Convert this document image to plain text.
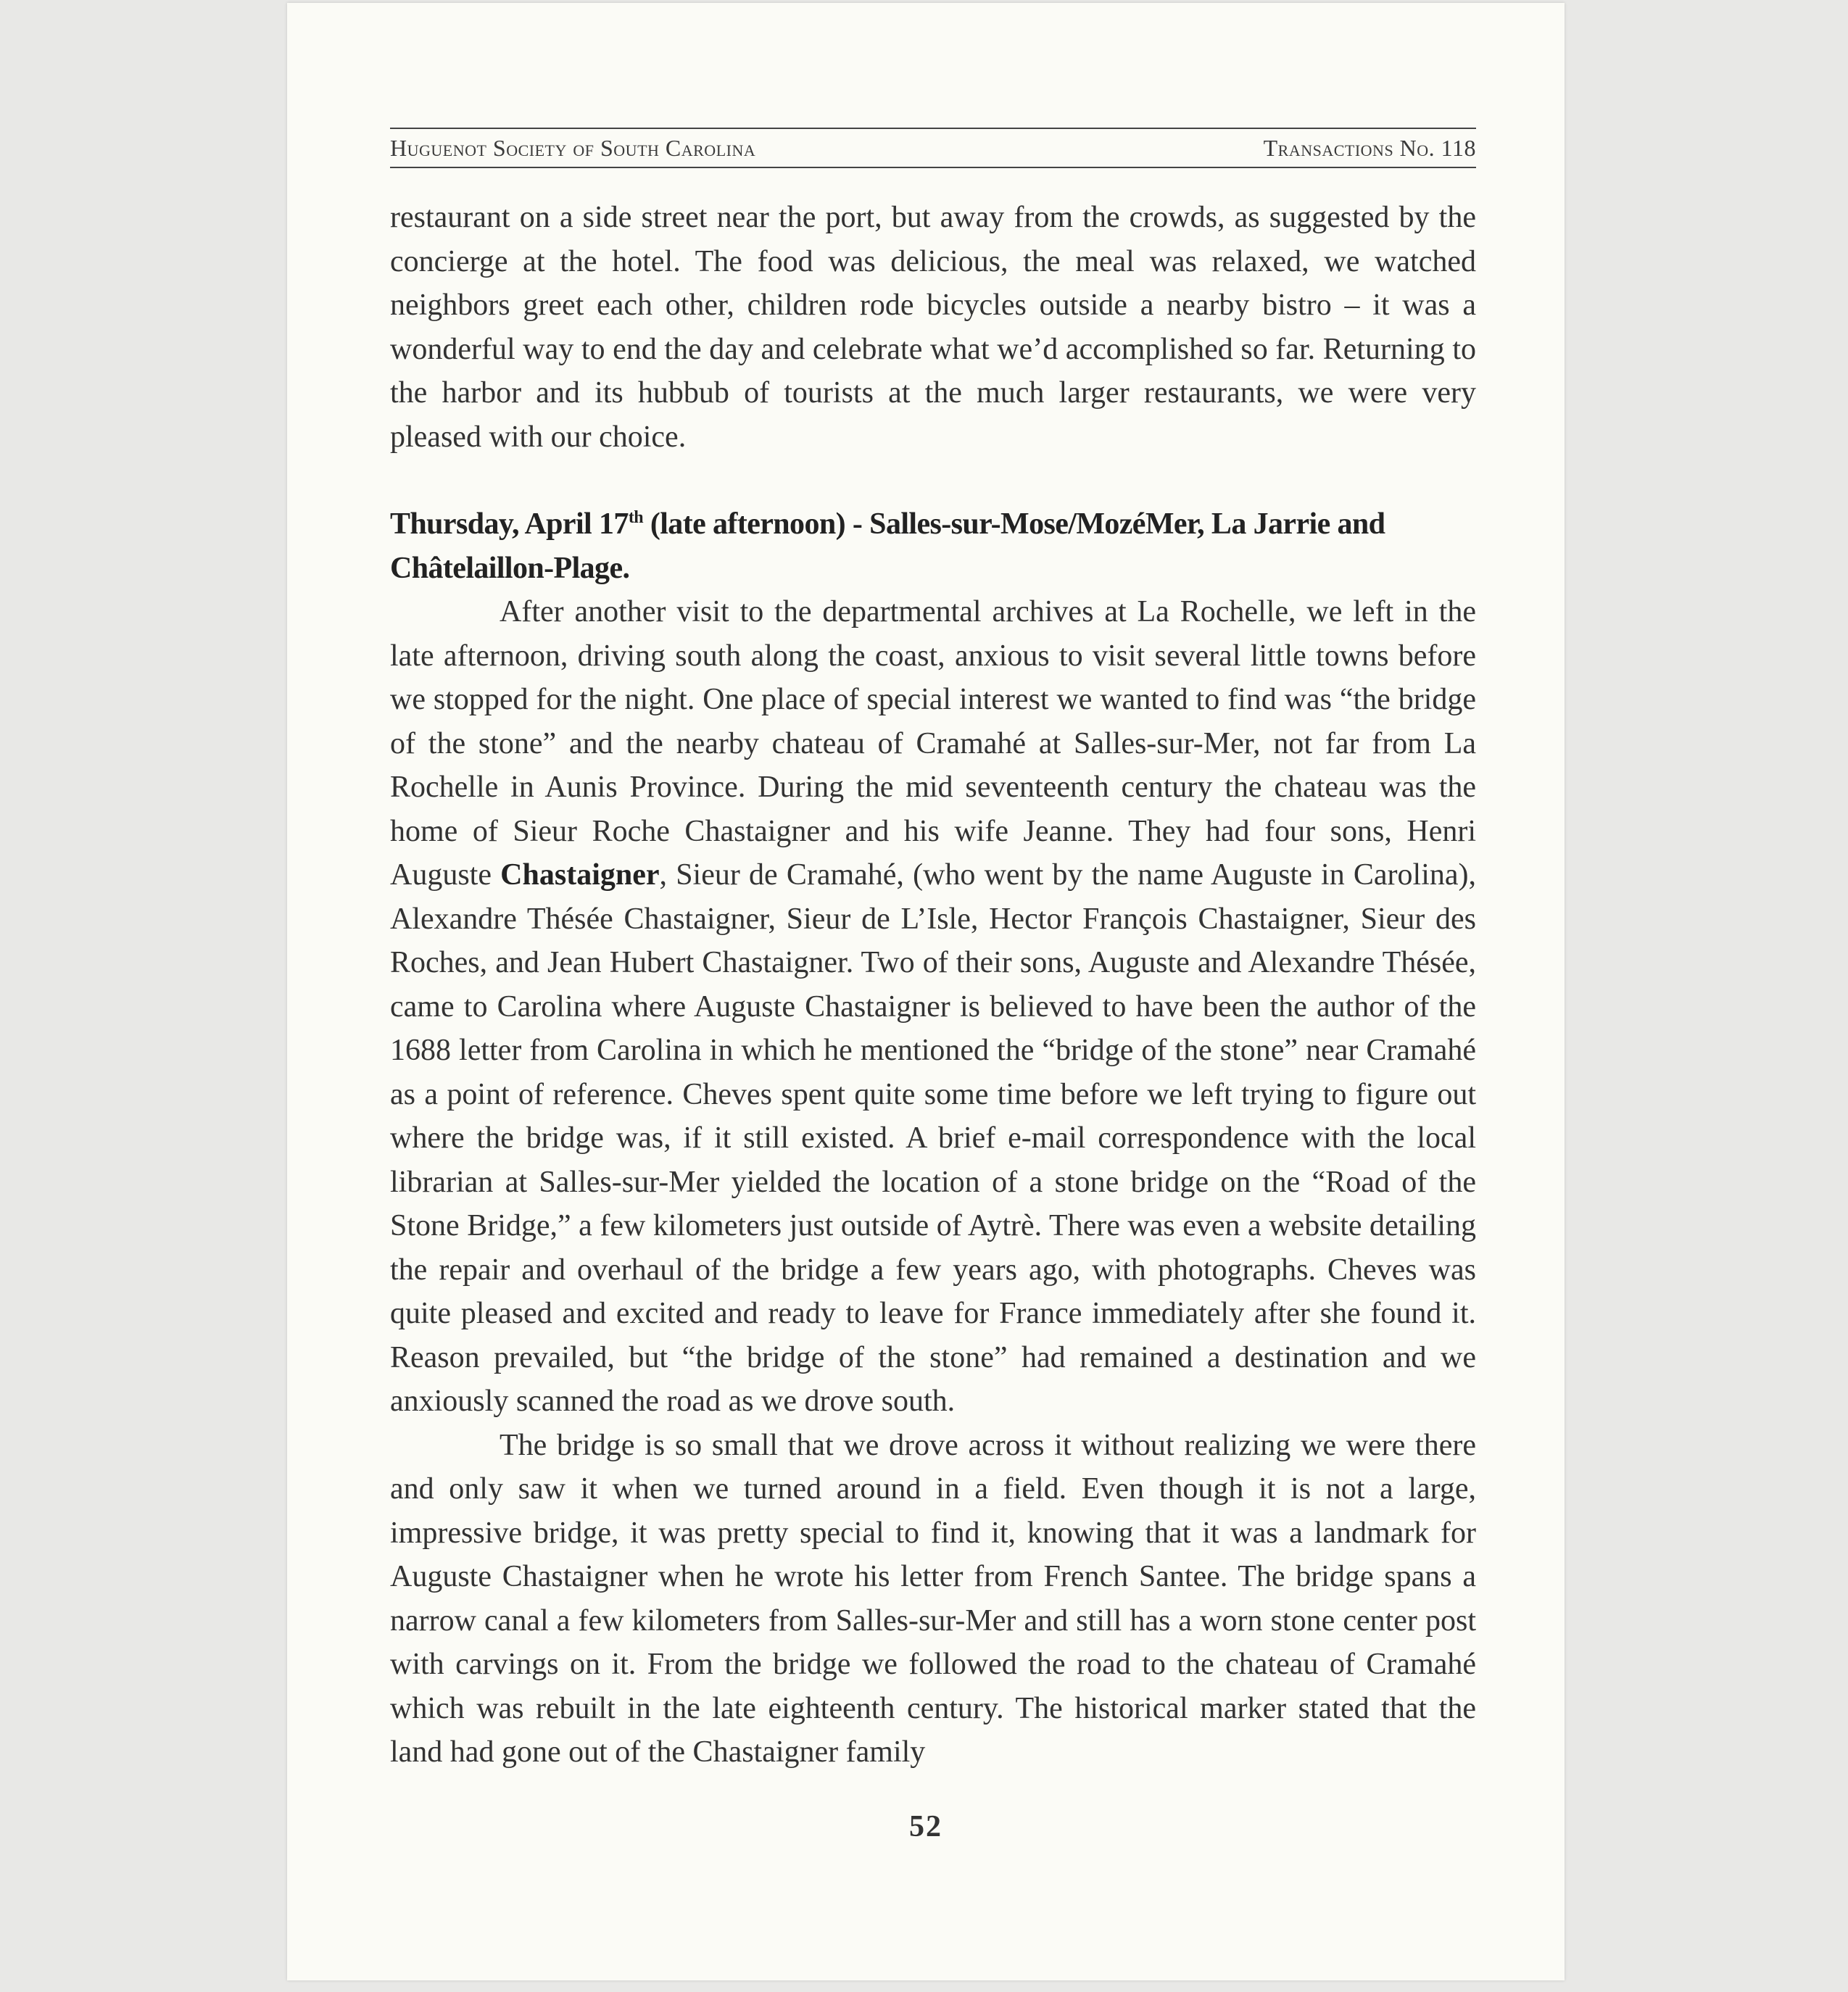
Huguenot Society of South Carolina	Transactions No. 118

restaurant on a side street near the port, but away from the crowds, as suggested by the concierge at the hotel. The food was delicious, the meal was relaxed, we watched neighbors greet each other, children rode bicycles outside a nearby bistro – it was a wonderful way to end the day and celebrate what we’d accomplished so far. Returning to the harbor and its hubbub of tourists at the much larger restaurants, we were very pleased with our choice.

Thursday, April 17th (late afternoon) - Salles-sur-Mose/MozéMer, La Jarrie and Châtelaillon-Plage.

After another visit to the departmental archives at La Rochelle, we left in the late afternoon, driving south along the coast, anxious to visit several little towns before we stopped for the night. One place of special interest we wanted to find was “the bridge of the stone” and the nearby chateau of Cramahé at Salles-sur-Mer, not far from La Rochelle in Aunis Province. During the mid seventeenth century the chateau was the home of Sieur Roche Chastaigner and his wife Jeanne. They had four sons, Henri Auguste Chastaigner, Sieur de Cramahé, (who went by the name Auguste in Carolina), Alexandre Thésée Chastaigner, Sieur de L’Isle, Hector François Chastaigner, Sieur des Roches, and Jean Hubert Chastaigner. Two of their sons, Auguste and Alexandre Thésée, came to Carolina where Auguste Chastaigner is believed to have been the author of the 1688 letter from Carolina in which he mentioned the “bridge of the stone” near Cramahé as a point of reference. Cheves spent quite some time before we left trying to figure out where the bridge was, if it still existed. A brief e-mail correspondence with the local librarian at Salles-sur-Mer yielded the location of a stone bridge on the “Road of the Stone Bridge,” a few kilometers just outside of Aytrè. There was even a website detailing the repair and overhaul of the bridge a few years ago, with photographs. Cheves was quite pleased and excited and ready to leave for France immediately after she found it. Reason prevailed, but “the bridge of the stone” had remained a destination and we anxiously scanned the road as we drove south.

The bridge is so small that we drove across it without realizing we were there and only saw it when we turned around in a field. Even though it is not a large, impressive bridge, it was pretty special to find it, knowing that it was a landmark for Auguste Chastaigner when he wrote his letter from French Santee. The bridge spans a narrow canal a few kilometers from Salles-sur-Mer and still has a worn stone center post with carvings on it. From the bridge we followed the road to the chateau of Cramahé which was rebuilt in the late eighteenth century. The historical marker stated that the land had gone out of the Chastaigner family

52
